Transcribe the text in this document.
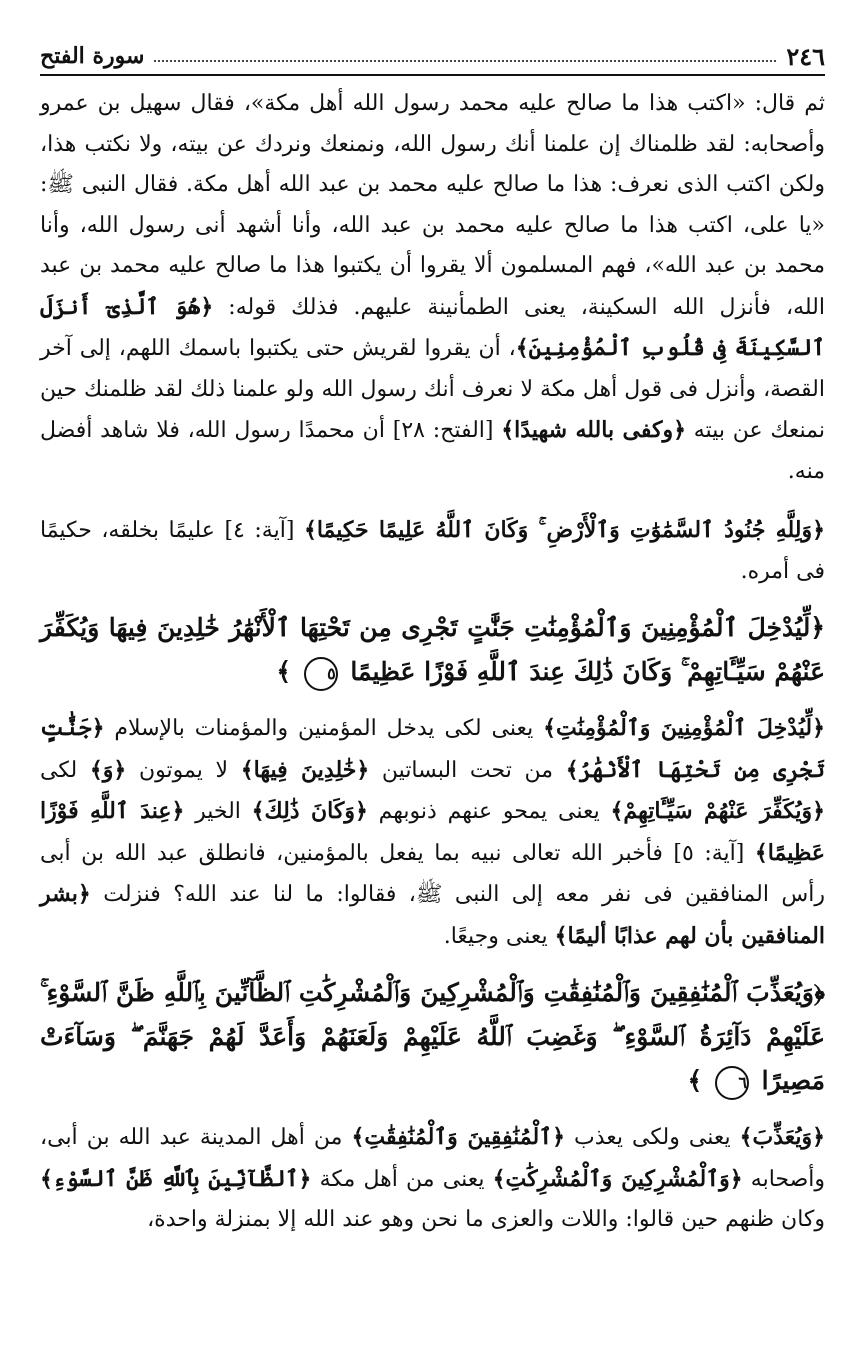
٢٤٦
سورة الفتح

ثم قال: «اكتب هذا ما صالح عليه محمد رسول الله أهل مكة»، فقال سهيل بن عمرو وأصحابه: لقد ظلمناك إن علمنا أنك رسول الله، ونمنعك ونردك عن بيته، ولا نكتب هذا، ولكن اكتب الذى نعرف: هذا ما صالح عليه محمد بن عبد الله أهل مكة. فقال النبى ﷺ: «يا على، اكتب هذا ما صالح عليه محمد بن عبد الله، وأنا أشهد أنى رسول الله، وأنا محمد بن عبد الله»، فهم المسلمون ألا يقروا أن يكتبوا هذا ما صالح عليه محمد بن عبد الله، فأنزل الله السكينة، يعنى الطمأنينة عليهم. فذلك قوله: ﴿هُوَ ٱلَّذِىٓ أَنزَلَ ٱلسَّكِينَةَ فِى قُلُوبِ ٱلْمُؤْمِنِينَ﴾، أن يقروا لقريش حتى يكتبوا باسمك اللهم، إلى آخر القصة، وأنزل فى قول أهل مكة لا نعرف أنك رسول الله ولو علمنا ذلك لقد ظلمنك حين نمنعك عن بيته ﴿وكفى بالله شهيدًا﴾ [الفتح: ٢٨] أن محمدًا رسول الله، فلا شاهد أفضل منه.

﴿وَلِلَّهِ جُنُودُ ٱلسَّمَٰوَٰتِ وَٱلْأَرْضِ ۚ وَكَانَ ٱللَّهُ عَلِيمًا حَكِيمًا﴾ [آية: ٤] عليمًا بخلقه، حكيمًا فى أمره.

﴿لِّيُدْخِلَ ٱلْمُؤْمِنِينَ وَٱلْمُؤْمِنَٰتِ جَنَّٰتٍ تَجْرِى مِن تَحْتِهَا ٱلْأَنْهَٰرُ خَٰلِدِينَ فِيهَا وَيُكَفِّرَ عَنْهُمْ سَيِّـَٔاتِهِمْ ۚ وَكَانَ ذَٰلِكَ عِندَ ٱللَّهِ فَوْزًا عَظِيمًا ٥ ﴾

﴿لِّيُدْخِلَ ٱلْمُؤْمِنِينَ وَٱلْمُؤْمِنَٰتِ﴾ يعنى لكى يدخل المؤمنين والمؤمنات بالإسلام ﴿جَنَّٰتٍ تَجْرِى مِن تَحْتِهَا ٱلْأَنْهَٰرُ﴾ من تحت البساتين ﴿خَٰلِدِينَ فِيهَا﴾ لا يموتون ﴿وَ﴾ لكى ﴿وَيُكَفِّرَ عَنْهُمْ سَيِّـَٔاتِهِمْ﴾ يعنى يمحو عنهم ذنوبهم ﴿وَكَانَ ذَٰلِكَ﴾ الخير ﴿عِندَ ٱللَّهِ فَوْزًا عَظِيمًا﴾ [آية: ٥] فأخبر الله تعالى نبيه بما يفعل بالمؤمنين، فانطلق عبد الله بن أبى رأس المنافقين فى نفر معه إلى النبى ﷺ، فقالوا: ما لنا عند الله؟ فنزلت ﴿بشر المنافقين بأن لهم عذابًا أليمًا﴾ يعنى وجيعًا.

﴿وَيُعَذِّبَ ٱلْمُنَٰفِقِينَ وَٱلْمُنَٰفِقَٰتِ وَٱلْمُشْرِكِينَ وَٱلْمُشْرِكَٰتِ ٱلظَّآنِّينَ بِٱللَّهِ ظَنَّ ٱلسَّوْءِ ۚ عَلَيْهِمْ دَآئِرَةُ ٱلسَّوْءِ ۖ وَغَضِبَ ٱللَّهُ عَلَيْهِمْ وَلَعَنَهُمْ وَأَعَدَّ لَهُمْ جَهَنَّمَ ۖ وَسَآءَتْ مَصِيرًا ٦ ﴾

﴿وَيُعَذِّبَ﴾ يعنى ولكى يعذب ﴿ٱلْمُنَٰفِقِينَ وَٱلْمُنَٰفِقَٰتِ﴾ من أهل المدينة عبد الله بن أبى، وأصحابه ﴿وَٱلْمُشْرِكِينَ وَٱلْمُشْرِكَٰتِ﴾ يعنى من أهل مكة ﴿ٱلظَّآنِّينَ بِٱللَّهِ ظَنَّ ٱلسَّوْءِ﴾ وكان ظنهم حين قالوا: واللات والعزى ما نحن وهو عند الله إلا بمنزلة واحدة،
